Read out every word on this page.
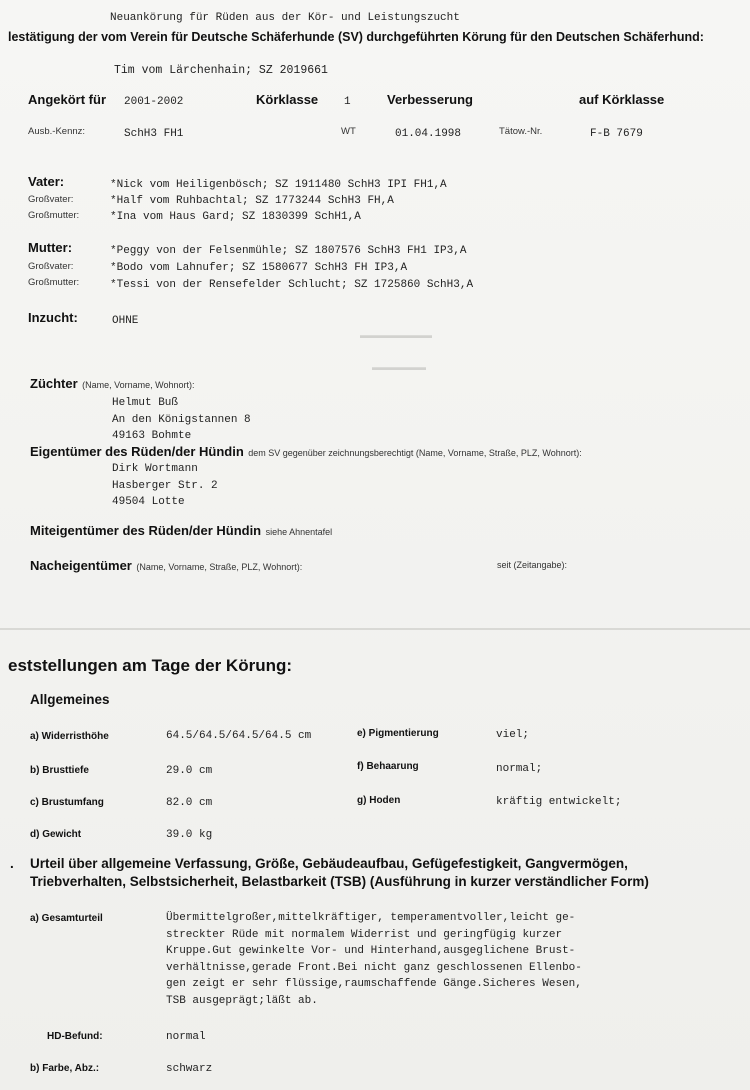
▬▬▬▬▬▬▬▬
▬▬▬▬▬▬
Neuankörung für Rüden aus der Kör- und Leistungszucht
lestätigung der vom Verein für Deutsche Schäferhunde (SV) durchgeführten Körung für den Deutschen Schäferhund:
Tim vom Lärchenhain; SZ 2019661
Angekört für 2001-2002	Körklasse 1	Verbesserung	auf Körklasse
Ausb.-Kennz:	SchH3 FH1	WT	01.04.1998	Tätow.-Nr.	F-B 7679
Vater:	*Nick vom Heiligenbösch; SZ 1911480 SchH3 IPI FH1,A
Großvater:	*Half vom Ruhbachtal; SZ 1773244 SchH3 FH,A
Großmutter:	*Ina vom Haus Gard; SZ 1830399 SchH1,A
Mutter:	*Peggy von der Felsenmühle; SZ 1807576 SchH3 FH1 IP3,A
Großvater:	*Bodo vom Lahnufer; SZ 1580677 SchH3 FH IP3,A
Großmutter:	*Tessi von der Rensefelder Schlucht; SZ 1725860 SchH3,A
Inzucht:	OHNE
Züchter (Name, Vorname, Wohnort):
Helmut Buß
An den Königstannen 8
49163 Bohmte
Eigentümer des Rüden/der Hündin dem SV gegenüber zeichnungsberechtigt (Name, Vorname, Straße, PLZ, Wohnort):
Dirk Wortmann
Hasberger Str. 2
49504 Lotte
Miteigentümer des Rüden/der Hündin siehe Ahnentafel
Nacheigentümer (Name, Vorname, Straße, PLZ, Wohnort):	seit (Zeitangabe):
eststellungen am Tage der Körung:
Allgemeines
a) Widerristhöhe	64.5/64.5/64.5/64.5 cm	e) Pigmentierung	viel;
b) Brusttiefe	29.0 cm	f) Behaarung	normal;
c) Brustumfang	82.0 cm	g) Hoden	kräftig entwickelt;
d) Gewicht	39.0 kg
. Urteil über allgemeine Verfassung, Größe, Gebäudeaufbau, Gefügefestigkeit, Gangvermögen,
Triebverhalten, Selbstsicherheit, Belastbarkeit (TSB) (Ausführung in kurzer verständlicher Form)
a) Gesamturteil	Übermittelgroßer,mittelkräftiger, temperamentvoller,leicht ge-
streckter Rüde mit normalem Widerrist und geringfügig kurzer
Kruppe.Gut gewinkelte Vor- und Hinterhand,ausgeglichene Brust-
verhältnisse,gerade Front.Bei nicht ganz geschlossenen Ellenbo-
gen zeigt er sehr flüssige,raumschaffende Gänge.Sicheres Wesen,
TSB ausgeprägt;läßt ab.
HD-Befund:	normal
b) Farbe, Abz.:	schwarz
